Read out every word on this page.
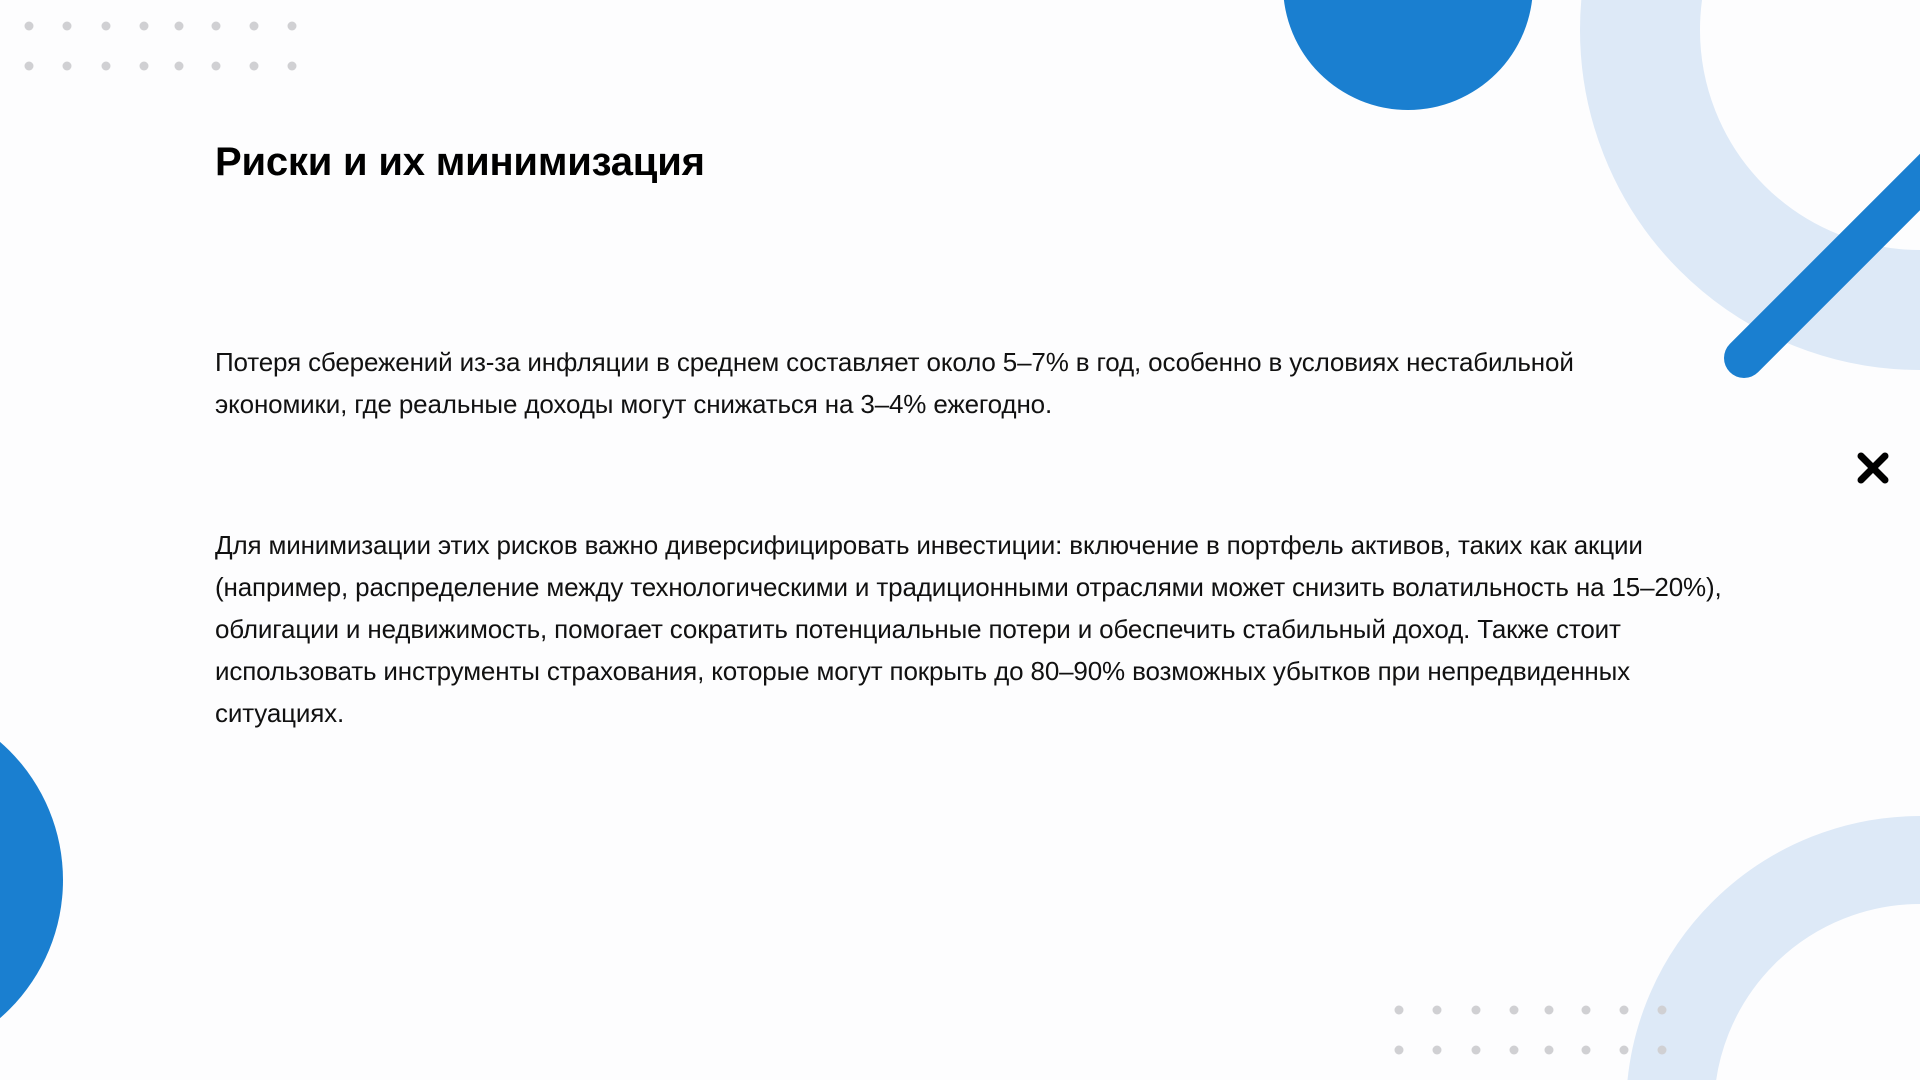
Риски и их минимизация

Потеря сбережений из-за инфляции в среднем составляет около 5–7% в год, особенно в условиях нестабильной экономики, где реальные доходы могут снижаться на 3–4% ежегодно.

Для минимизации этих рисков важно диверсифицировать инвестиции: включение в портфель активов, таких как акции (например, распределение между технологическими и традиционными отраслями может снизить волатильность на 15–20%), облигации и недвижимость, помогает сократить потенциальные потери и обеспечить стабильный доход. Также стоит использовать инструменты страхования, которые могут покрыть до 80–90% возможных убытков при непредвиденных ситуациях.
